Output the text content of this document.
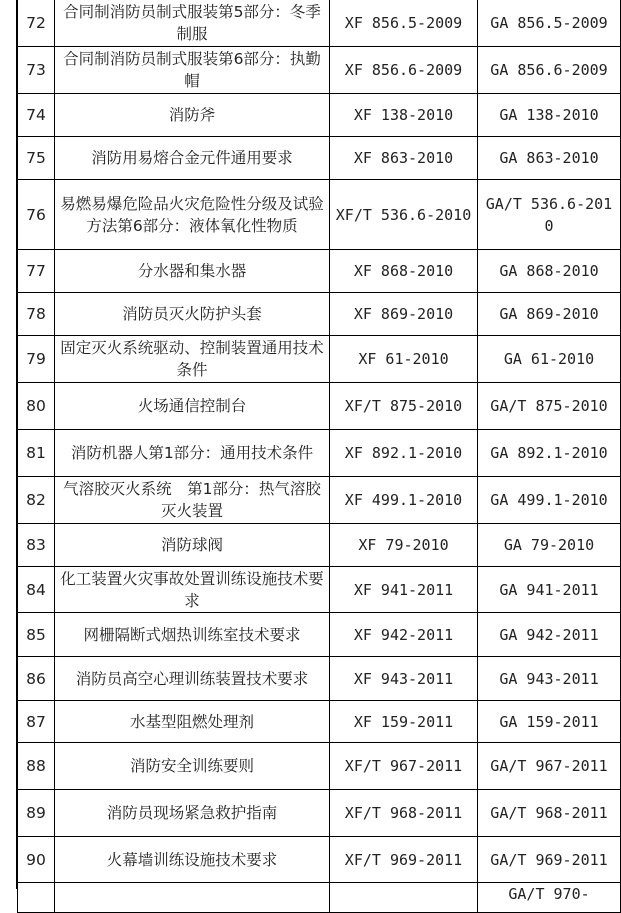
72	合同制消防员制式服装第5部分：冬季制服	XF 856.5-2009	GA 856.5-2009
73	合同制消防员制式服装第6部分：执勤帽	XF 856.6-2009	GA 856.6-2009
74	消防斧	XF 138-2010	GA 138-2010
75	消防用易熔合金元件通用要求	XF 863-2010	GA 863-2010
76	易燃易爆危险品火灾危险性分级及试验方法第6部分：液体氧化性物质	XF/T 536.6-2010	GA/T 536.6-2010
77	分水器和集水器	XF 868-2010	GA 868-2010
78	消防员灭火防护头套	XF 869-2010	GA 869-2010
79	固定灭火系统驱动、控制装置通用技术条件	XF 61-2010	GA 61-2010
80	火场通信控制台	XF/T 875-2010	GA/T 875-2010
81	消防机器人第1部分：通用技术条件	XF 892.1-2010	GA 892.1-2010
82	气溶胶灭火系统　第1部分：热气溶胶灭火装置	XF 499.1-2010	GA 499.1-2010
83	消防球阀	XF 79-2010	GA 79-2010
84	化工装置火灾事故处置训练设施技术要求	XF 941-2011	GA 941-2011
85	网栅隔断式烟热训练室技术要求	XF 942-2011	GA 942-2011
86	消防员高空心理训练装置技术要求	XF 943-2011	GA 943-2011
87	水基型阻燃处理剂	XF 159-2011	GA 159-2011
88	消防安全训练要则	XF/T 967-2011	GA/T 967-2011
89	消防员现场紧急救护指南	XF/T 968-2011	GA/T 968-2011
90	火幕墙训练设施技术要求	XF/T 969-2011	GA/T 969-2011
			GA/T 970-
